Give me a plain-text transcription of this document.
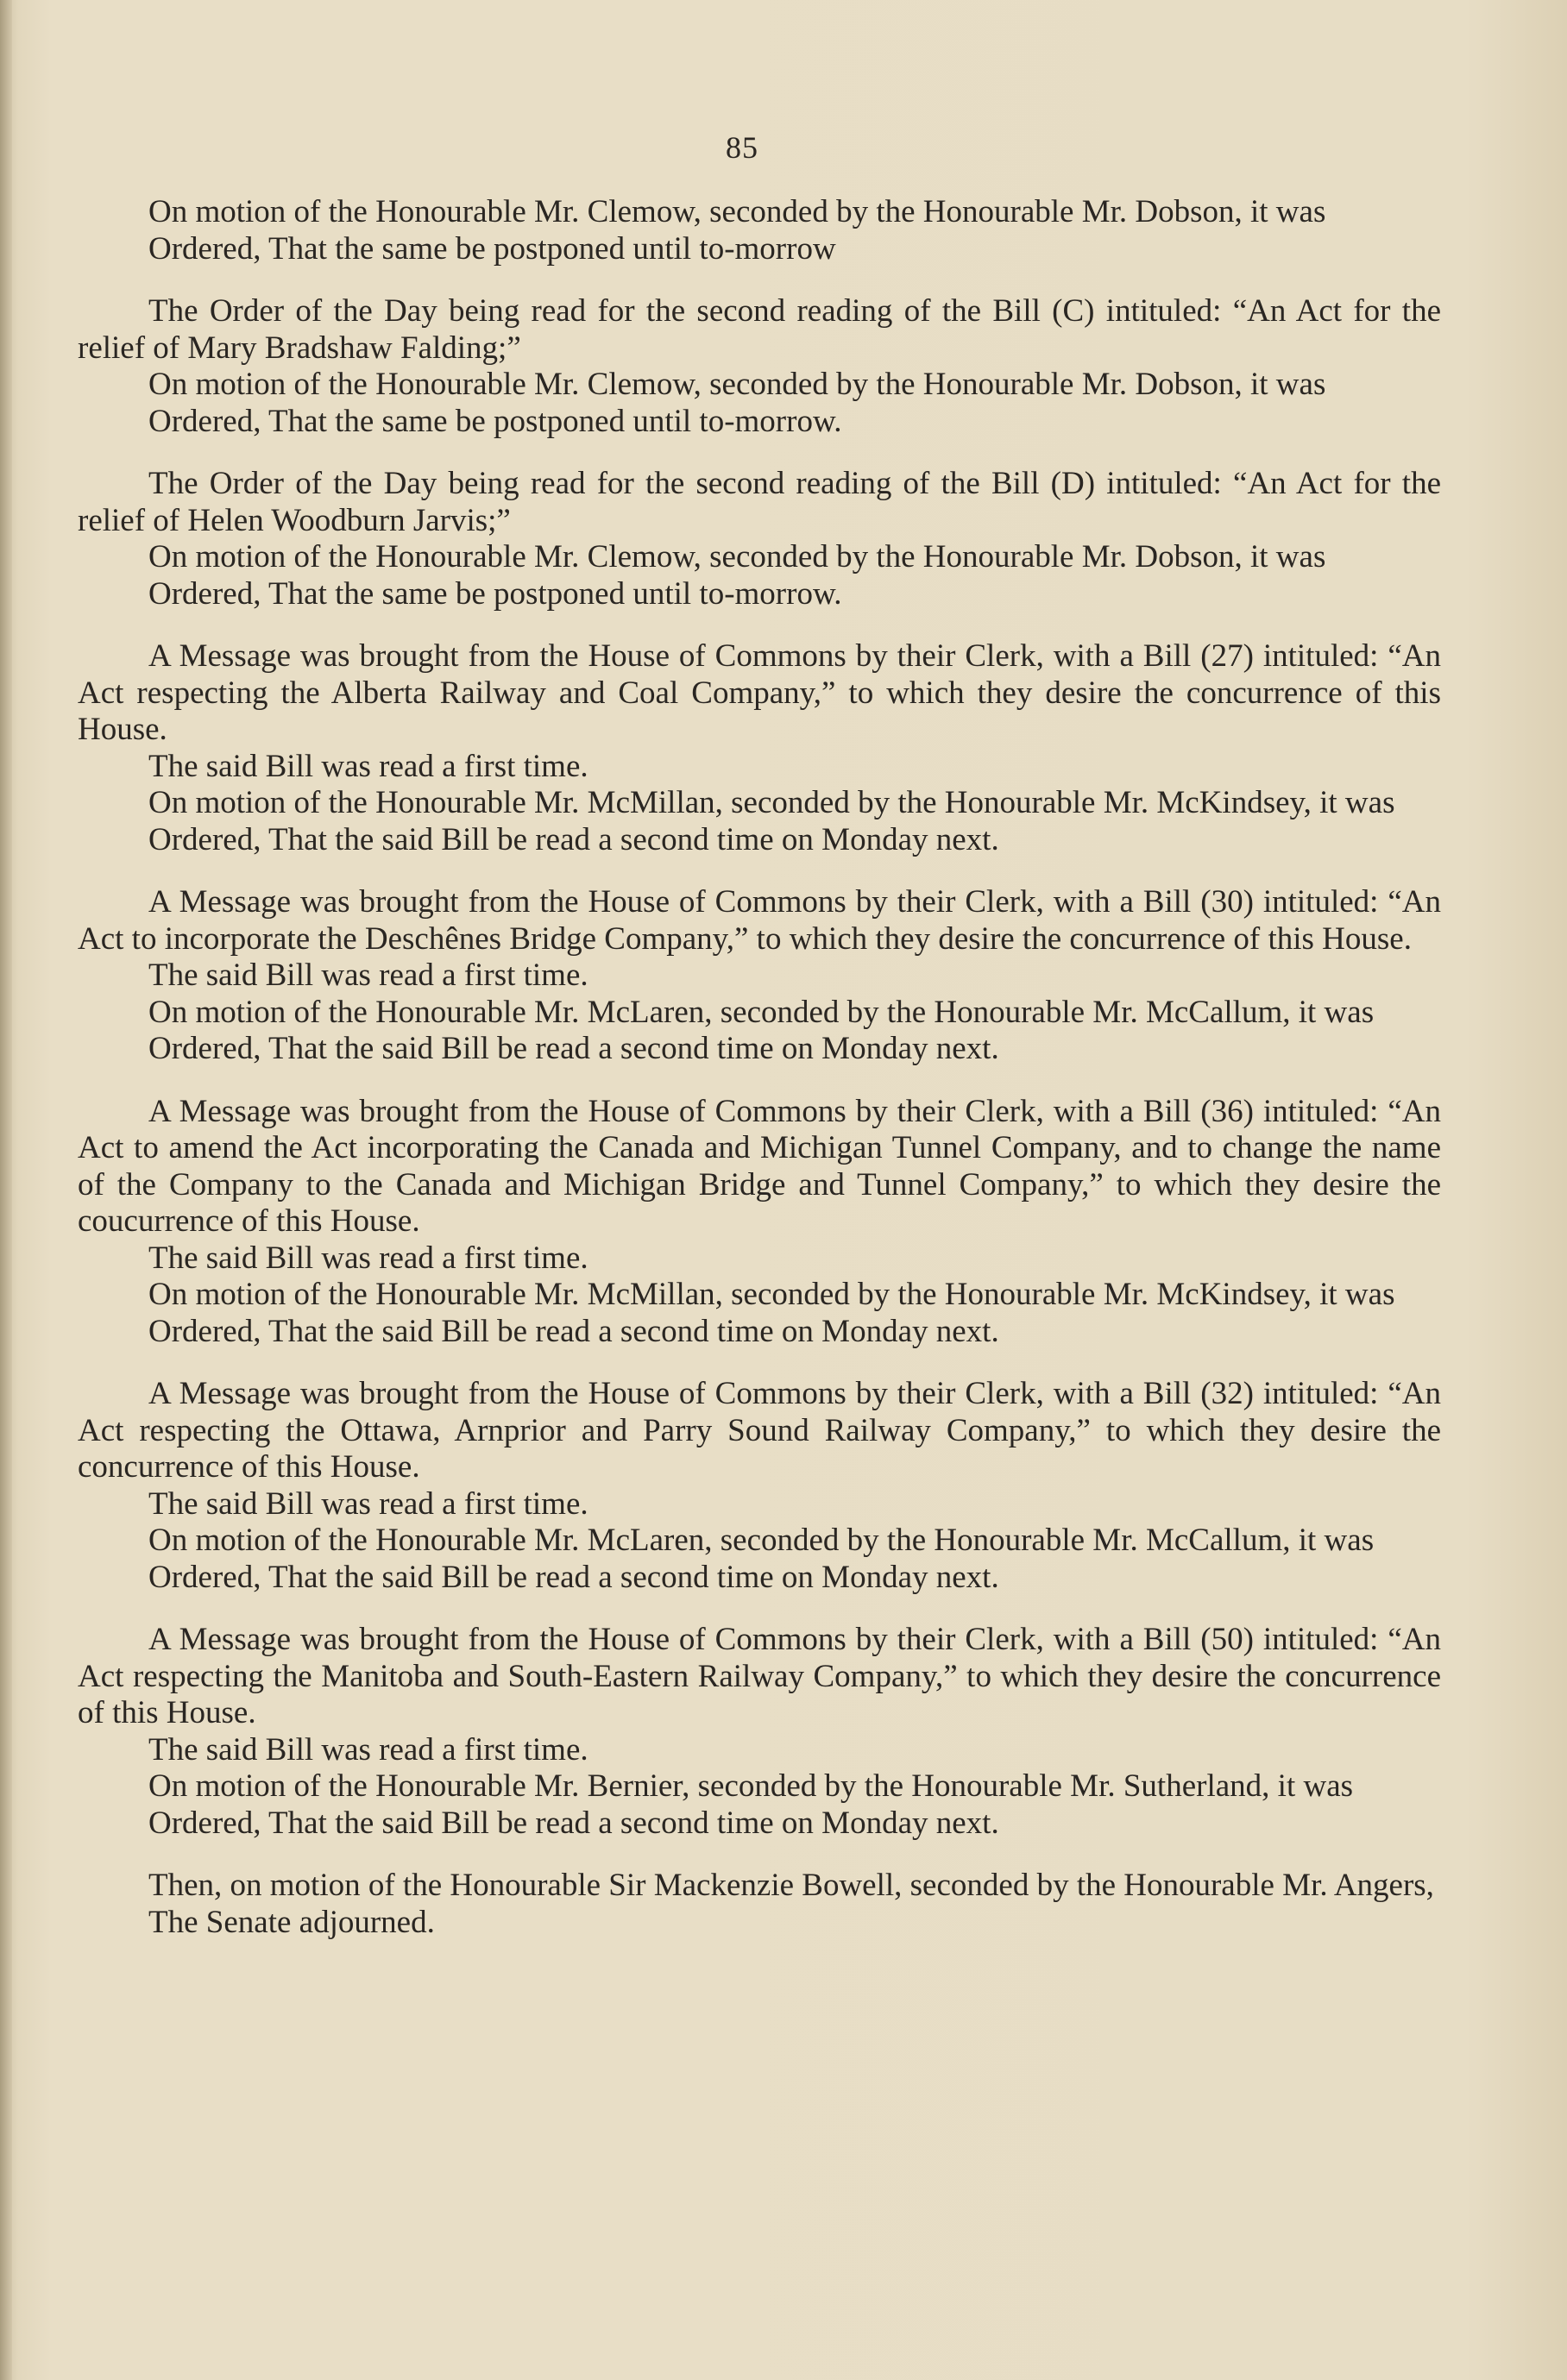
85
On motion of the Honourable Mr. Clemow, seconded by the Honourable Mr. Dobson, it was
Ordered, That the same be postponed until to-morrow
The Order of the Day being read for the second reading of the Bill (C) intituled: “An Act for the relief of Mary Bradshaw Falding;”
On motion of the Honourable Mr. Clemow, seconded by the Honourable Mr. Dobson, it was
Ordered, That the same be postponed until to-morrow.
The Order of the Day being read for the second reading of the Bill (D) intituled: “An Act for the relief of Helen Woodburn Jarvis;”
On motion of the Honourable Mr. Clemow, seconded by the Honourable Mr. Dobson, it was
Ordered, That the same be postponed until to-morrow.
A Message was brought from the House of Commons by their Clerk, with a Bill (27) intituled: “An Act respecting the Alberta Railway and Coal Company,” to which they desire the concurrence of this House.
The said Bill was read a first time.
On motion of the Honourable Mr. McMillan, seconded by the Honourable Mr. McKindsey, it was
Ordered, That the said Bill be read a second time on Monday next.
A Message was brought from the House of Commons by their Clerk, with a Bill (30) intituled: “An Act to incorporate the Deschênes Bridge Company,” to which they desire the concurrence of this House.
The said Bill was read a first time.
On motion of the Honourable Mr. McLaren, seconded by the Honourable Mr. McCallum, it was
Ordered, That the said Bill be read a second time on Monday next.
A Message was brought from the House of Commons by their Clerk, with a Bill (36) intituled: “An Act to amend the Act incorporating the Canada and Michigan Tunnel Company, and to change the name of the Company to the Canada and Michigan Bridge and Tunnel Company,” to which they desire the coucurrence of this House.
The said Bill was read a first time.
On motion of the Honourable Mr. McMillan, seconded by the Honourable Mr. McKindsey, it was
Ordered, That the said Bill be read a second time on Monday next.
A Message was brought from the House of Commons by their Clerk, with a Bill (32) intituled: “An Act respecting the Ottawa, Arnprior and Parry Sound Railway Company,” to which they desire the concurrence of this House.
The said Bill was read a first time.
On motion of the Honourable Mr. McLaren, seconded by the Honourable Mr. McCallum, it was
Ordered, That the said Bill be read a second time on Monday next.
A Message was brought from the House of Commons by their Clerk, with a Bill (50) intituled: “An Act respecting the Manitoba and South-Eastern Railway Company,” to which they desire the concurrence of this House.
The said Bill was read a first time.
On motion of the Honourable Mr. Bernier, seconded by the Honourable Mr. Sutherland, it was
Ordered, That the said Bill be read a second time on Monday next.
Then, on motion of the Honourable Sir Mackenzie Bowell, seconded by the Honourable Mr. Angers,
The Senate adjourned.
